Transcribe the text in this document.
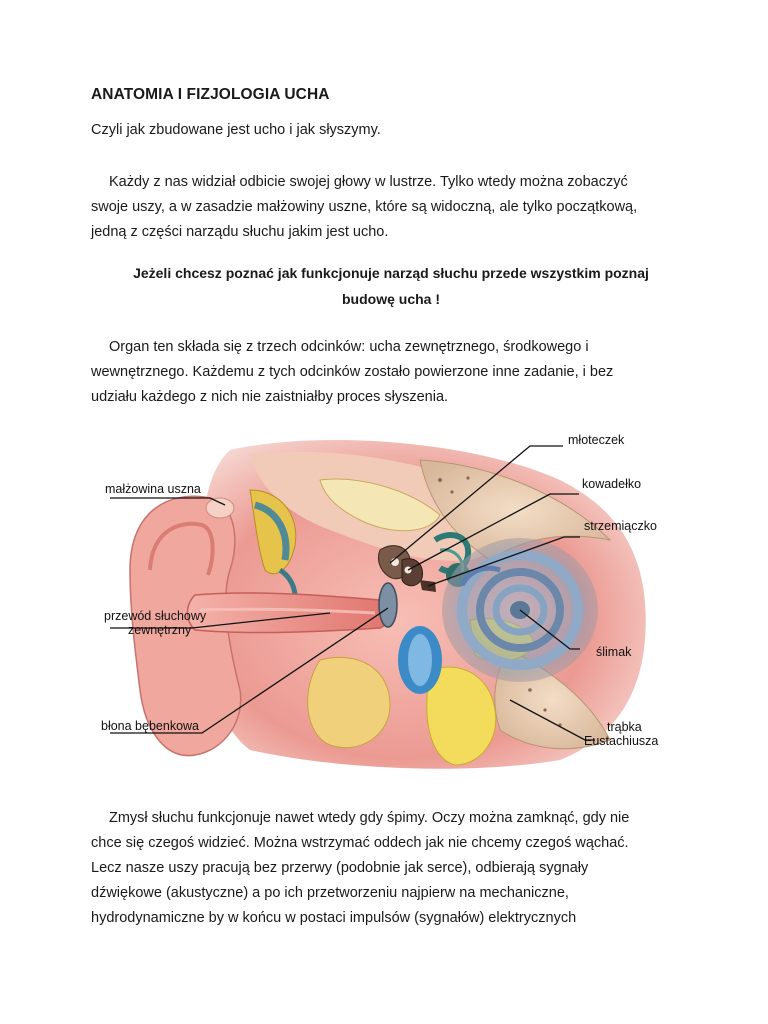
ANATOMIA I FIZJOLOGIA UCHA

Czyli jak zbudowane jest ucho i jak słyszymy.

Każdy z nas widział odbicie swojej głowy w lustrze. Tylko wtedy można zobaczyć
swoje uszy, a w zasadzie małżowiny uszne, które są widoczną, ale tylko początkową,
jedną z części narządu słuchu jakim jest ucho.

Jeżeli chcesz poznać jak funkcjonuje narząd słuchu przede wszystkim poznaj
budowę ucha !

Organ ten składa się z trzech odcinków: ucha zewnętrznego, środkowego i
wewnętrznego. Każdemu z tych odcinków zostało powierzone inne zadanie, i bez
udziału każdego z nich nie zaistniałby proces słyszenia.

młoteczek
kowadełko
strzemiączko
ślimak
trąbka
Eustachiusza
małżowina uszna
przewód słuchowy
zewnętrzny
błona bębenkowa

Zmysł słuchu funkcjonuje nawet wtedy gdy śpimy. Oczy można zamknąć, gdy nie
chce się czegoś widzieć. Można wstrzymać oddech jak nie chcemy czegoś wąchać.
Lecz nasze uszy pracują bez przerwy (podobnie jak serce), odbierają sygnały
dźwiękowe (akustyczne) a po ich przetworzeniu najpierw na mechaniczne,
hydrodynamiczne by w końcu w postaci impulsów (sygnałów) elektrycznych
